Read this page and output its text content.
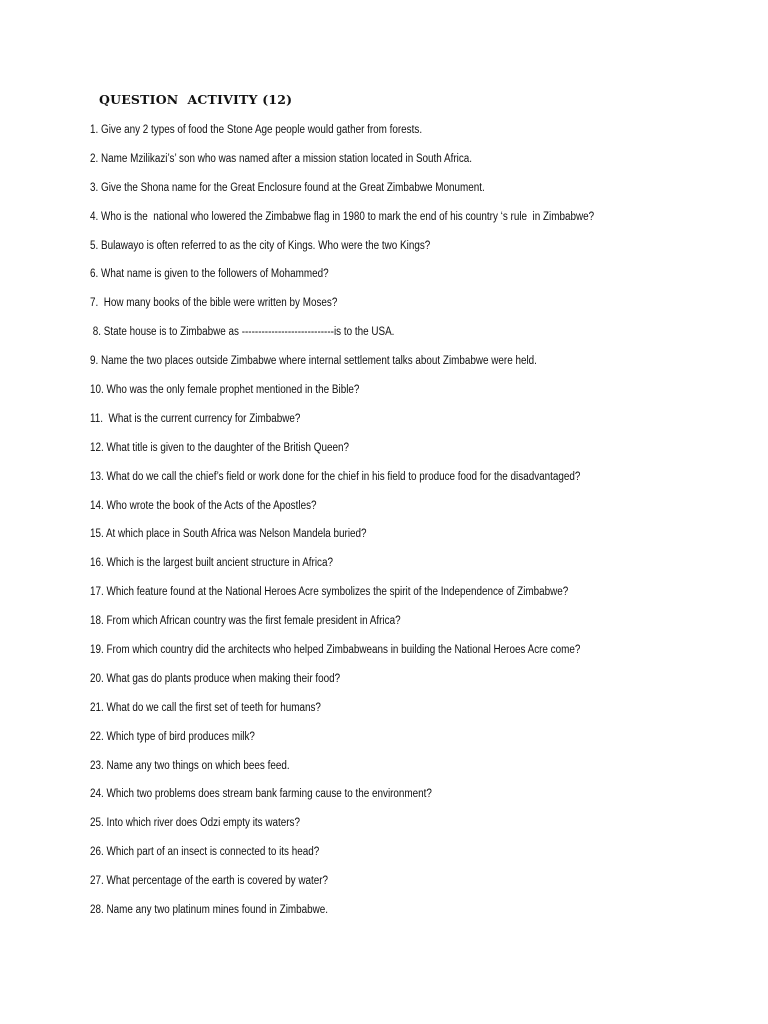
QUESTION  ACTIVITY (12)
1. Give any 2 types of food the Stone Age people would gather from forests.
2. Name Mzilikazi’s’ son who was named after a mission station located in South Africa.
3. Give the Shona name for the Great Enclosure found at the Great Zimbabwe Monument.
4. Who is the  national who lowered the Zimbabwe flag in 1980 to mark the end of his country ‘s rule  in Zimbabwe?
5. Bulawayo is often referred to as the city of Kings. Who were the two Kings?
6. What name is given to the followers of Mohammed?
7.  How many books of the bible were written by Moses?
8. State house is to Zimbabwe as ----------------------------is to the USA.
9. Name the two places outside Zimbabwe where internal settlement talks about Zimbabwe were held.
10. Who was the only female prophet mentioned in the Bible?
11.  What is the current currency for Zimbabwe?
12. What title is given to the daughter of the British Queen?
13. What do we call the chief’s field or work done for the chief in his field to produce food for the disadvantaged?
14. Who wrote the book of the Acts of the Apostles?
15. At which place in South Africa was Nelson Mandela buried?
16. Which is the largest built ancient structure in Africa?
17. Which feature found at the National Heroes Acre symbolizes the spirit of the Independence of Zimbabwe?
18. From which African country was the first female president in Africa?
19. From which country did the architects who helped Zimbabweans in building the National Heroes Acre come?
20. What gas do plants produce when making their food?
21. What do we call the first set of teeth for humans?
22. Which type of bird produces milk?
23. Name any two things on which bees feed.
24. Which two problems does stream bank farming cause to the environment?
25. Into which river does Odzi empty its waters?
26. Which part of an insect is connected to its head?
27. What percentage of the earth is covered by water?
28. Name any two platinum mines found in Zimbabwe.
